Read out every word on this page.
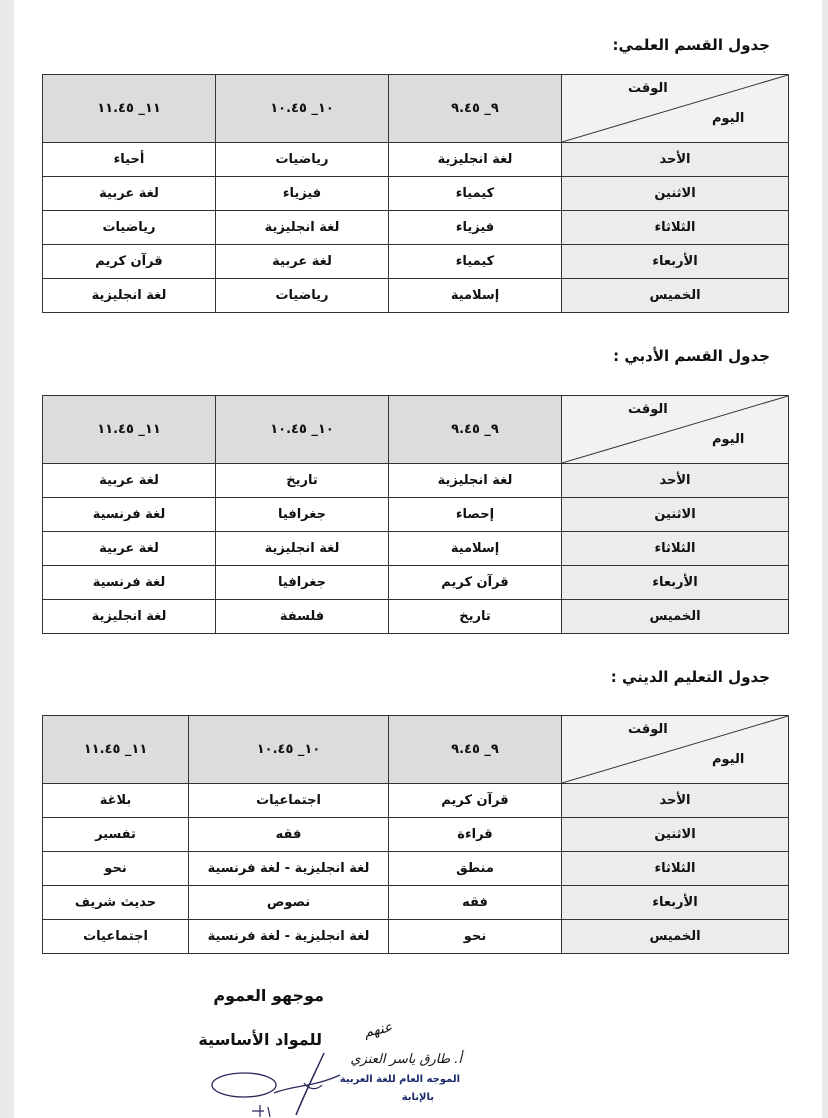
جدول القسم العلمي:
الوقت
اليوم	٩_ ٩.٤٥	١٠_ ١٠.٤٥	١١_ ١١.٤٥
الأحد	لغة انجليزية	رياضيات	أحياء
الاثنين	كيمياء	فيزياء	لغة عربية
الثلاثاء	فيزياء	لغة انجليزية	رياضيات
الأربعاء	كيمياء	لغة عربية	قرآن كريم
الخميس	إسلامية	رياضيات	لغة انجليزية
جدول القسم الأدبي :
الوقت
اليوم	٩_ ٩.٤٥	١٠_ ١٠.٤٥	١١_ ١١.٤٥
الأحد	لغة انجليزية	تاريخ	لغة عربية
الاثنين	إحصاء	جغرافيا	لغة فرنسية
الثلاثاء	إسلامية	لغة انجليزية	لغة عربية
الأربعاء	قرآن كريم	جغرافيا	لغة فرنسية
الخميس	تاريخ	فلسفة	لغة انجليزية
جدول التعليم الديني :
الوقت
اليوم	٩_ ٩.٤٥	١٠_ ١٠.٤٥	١١_ ١١.٤٥
الأحد	قرآن كريم	اجتماعيات	بلاغة
الاثنين	قراءة	فقه	تفسير
الثلاثاء	منطق	لغة انجليزية - لغة فرنسية	نحو
الأربعاء	فقه	نصوص	حديث شريف
الخميس	نحو	لغة انجليزية - لغة فرنسية	اجتماعيات
موجهو العموم
للمواد الأساسية	عنهم
أ. طارق ياسر العنزي
الموجه العام للغة العربية
بالإنابة
